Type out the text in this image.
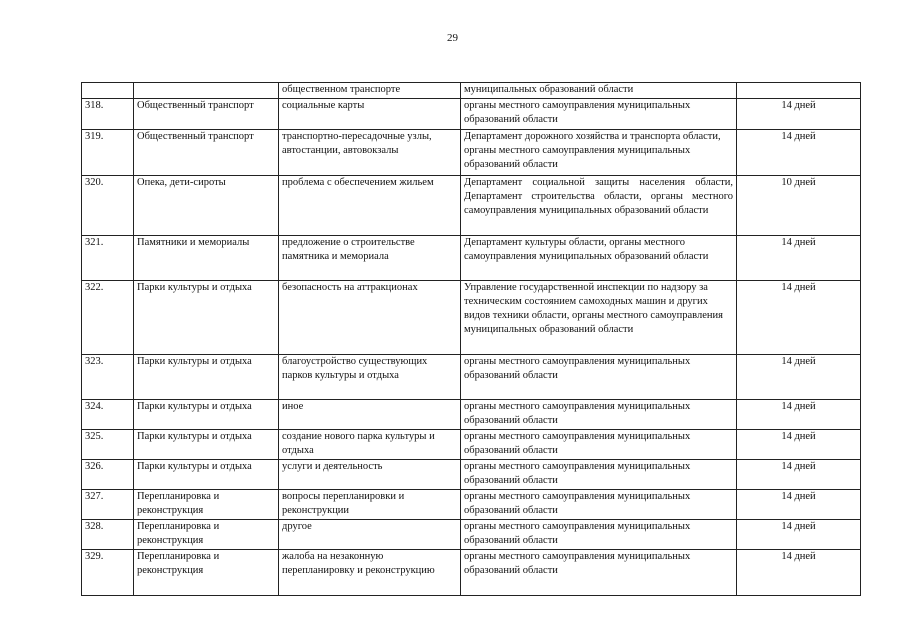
29
		общественном транспорте	муниципальных образований области	
318.	Общественный транспорт	социальные карты	органы местного самоуправления муниципальных образований области	14 дней
319.	Общественный транспорт	транспортно-пересадочные узлы, автостанции, автовокзалы	Департамент дорожного хозяйства и транспорта области, органы местного самоуправления муниципальных образований области	14 дней
320.	Опека, дети-сироты	проблема с обеспечением жильем	Департамент социальной защиты населения области, Департамент строительства области, органы местного самоуправления муниципальных образований области	10 дней
321.	Памятники и мемориалы	предложение о строительстве памятника и мемориала	Департамент культуры области, органы местного самоуправления муниципальных образований области	14 дней
322.	Парки культуры и отдыха	безопасность на аттракционах	Управление государственной инспекции по надзору за техническим состоянием самоходных машин и других видов техники области, органы местного самоуправления муниципальных образований области	14 дней
323.	Парки культуры и отдыха	благоустройство существующих парков культуры и отдыха	органы местного самоуправления муниципальных образований области	14 дней
324.	Парки культуры и отдыха	иное	органы местного самоуправления муниципальных образований области	14 дней
325.	Парки культуры и отдыха	создание нового парка культуры и отдыха	органы местного самоуправления муниципальных образований области	14 дней
326.	Парки культуры и отдыха	услуги и деятельность	органы местного самоуправления муниципальных образований области	14 дней
327.	Перепланировка и реконструкция	вопросы перепланировки и реконструкции	органы местного самоуправления муниципальных образований области	14 дней
328.	Перепланировка и реконструкция	другое	органы местного самоуправления муниципальных образований области	14 дней
329.	Перепланировка и реконструкция	жалоба на незаконную перепланировку и реконструкцию	органы местного самоуправления муниципальных образований области	14 дней
